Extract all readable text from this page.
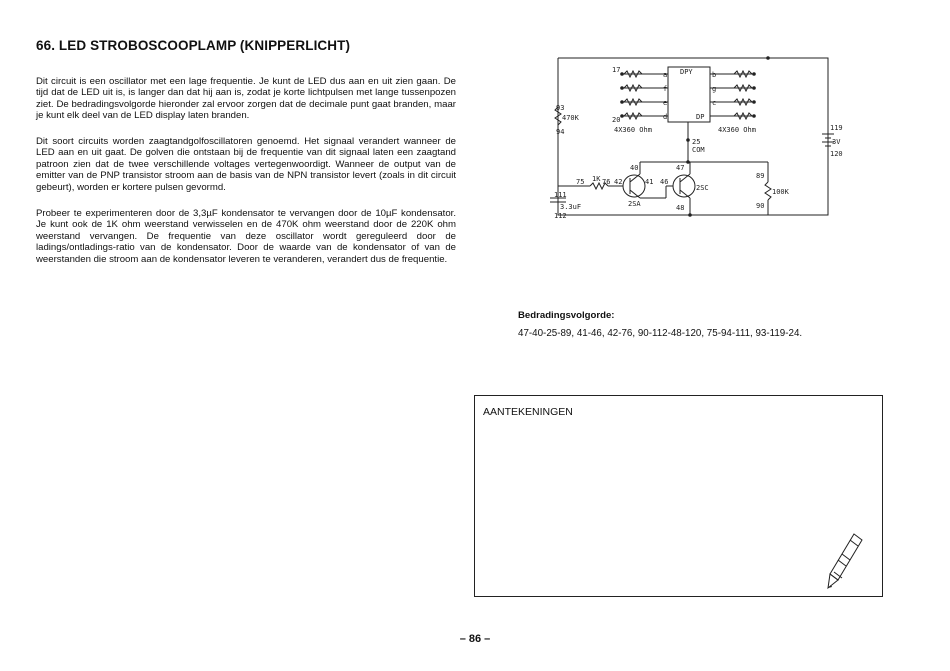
66. LED STROBOSCOOPLAMP (KNIPPERLICHT)
Dit circuit is een oscillator met een lage frequentie. Je kunt de LED dus aan en uit zien gaan. De tijd dat de LED uit is, is langer dan dat hij aan is, zodat je korte lichtpulsen met lange tussenpozen ziet. De bedradingsvolgorde hieronder zal ervoor zorgen dat de decimale punt gaat branden, maar je kunt elk deel van de LED display laten branden.
Dit soort circuits worden zaagtandgolfoscillatoren genoemd. Het signaal verandert wanneer de LED aan en uit gaat. De golven die ontstaan bij de frequentie van dit signaal laten een zaagtand patroon zien dat de twee verschillende voltages vertegenwoordigt. Wanneer de output van de emitter van de PNP transistor stroom aan de basis van de NPN transistor levert (zoals in dit circuit gebeurt), worden er kortere pulsen gevormd.
Probeer te experimenteren door de 3,3µF kondensator te vervangen door de 10µF kondensator. Je kunt ook de 1K ohm weerstand verwisselen en de 470K ohm weerstand door de 220K ohm weerstand vervangen. De frequentie van deze oscillator wordt gereguleerd door de ladings/ontladings-ratio van de kondensator. Door de waarde van de kondensator of van de weerstanden die stroom aan de kondensator leveren te veranderen, verandert dus de frequentie.
17
20
DPY
a	b
f	g
e	c
d	DP
4X360 Ohm	4X360 Ohm
93
470K
94
25
COM
119
3V
120
75 1K 76 42
40
41
2SA
46
47
48
2SC
89
90
100K
111
3.3uF
112
Bedradingsvolgorde:
47-40-25-89, 41-46, 42-76, 90-112-48-120, 75-94-111, 93-119-24.
AANTEKENINGEN
– 86 –
